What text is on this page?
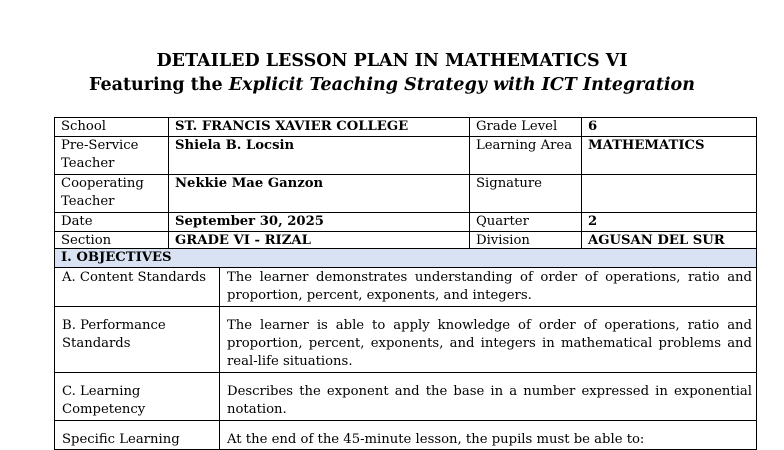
DETAILED LESSON PLAN IN MATHEMATICS VI
Featuring the Explicit Teaching Strategy with ICT Integration
School	ST. FRANCIS XAVIER COLLEGE	Grade Level	6
Pre-Service Teacher	Shiela B. Locsin	Learning Area	MATHEMATICS
Cooperating Teacher	Nekkie Mae Ganzon	Signature	
Date	September 30, 2025	Quarter	2
Section	GRADE VI - RIZAL	Division	AGUSAN DEL SUR
I. OBJECTIVES	
A. Content Standards	The learner demonstrates understanding of order of operations, ratio and proportion, percent, exponents, and integers.
B. Performance Standards	The learner is able to apply knowledge of order of operations, ratio and proportion, percent, exponents, and integers in mathematical problems and real-life situations.
C. Learning Competency	Describes the exponent and the base in a number expressed in exponential notation.
Specific Learning	At the end of the 45-minute lesson, the pupils must be able to:
